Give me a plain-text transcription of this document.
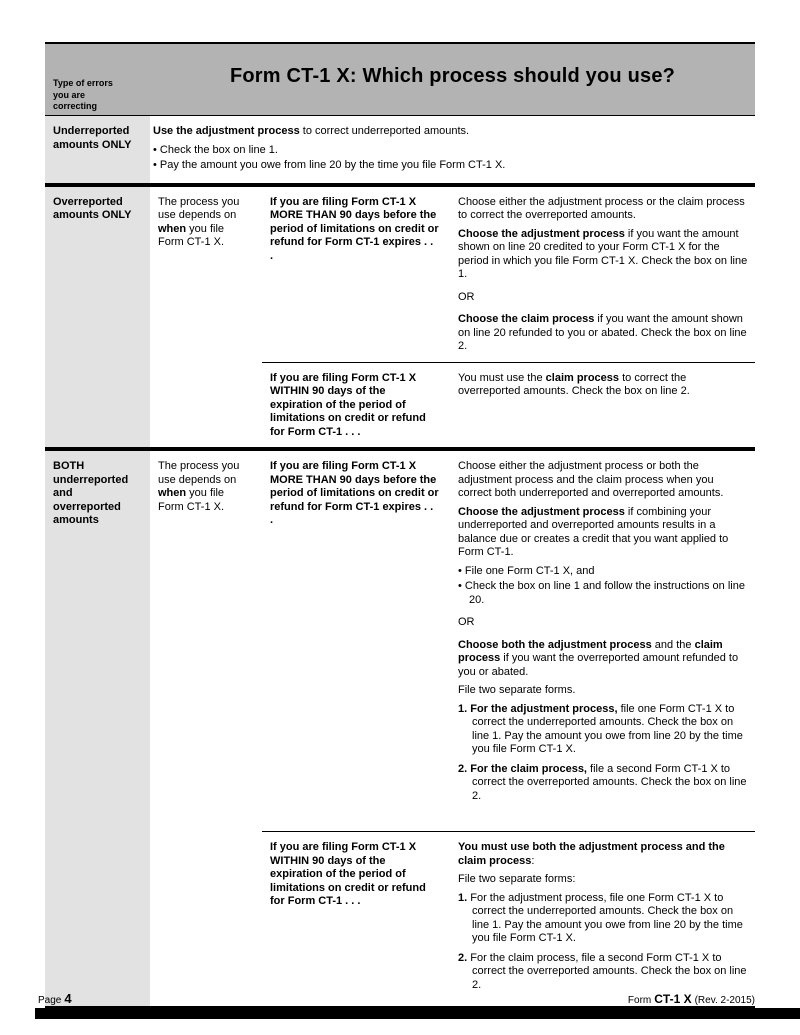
Type of errors you are correcting
Form CT-1 X: Which process should you use?
Underreported amounts ONLY
Use the adjustment process to correct underreported amounts.
• Check the box on line 1.
• Pay the amount you owe from line 20 by the time you file Form CT-1 X.
Overreported amounts ONLY
The process you use depends on when you file Form CT-1 X.
If you are filing Form CT-1 X MORE THAN 90 days before the period of limitations on credit or refund for Form CT-1 expires . . .
Choose either the adjustment process or the claim process to correct the overreported amounts.
Choose the adjustment process if you want the amount shown on line 20 credited to your Form CT-1 X for the period in which you file Form CT-1 X. Check the box on line 1.
OR
Choose the claim process if you want the amount shown on line 20 refunded to you or abated. Check the box on line 2.
If you are filing Form CT-1 X WITHIN 90 days of the expiration of the period of limitations on credit or refund for Form CT-1 . . .
You must use the claim process to correct the overreported amounts. Check the box on line 2.
BOTH underreported and overreported amounts
The process you use depends on when you file Form CT-1 X.
If you are filing Form CT-1 X MORE THAN 90 days before the period of limitations on credit or refund for Form CT-1 expires . . .
Choose either the adjustment process or both the adjustment process and the claim process when you correct both underreported and overreported amounts.
Choose the adjustment process if combining your underreported and overreported amounts results in a balance due or creates a credit that you want applied to Form CT-1.
• File one Form CT-1 X, and
• Check the box on line 1 and follow the instructions on line 20.
OR
Choose both the adjustment process and the claim process if you want the overreported amount refunded to you or abated.
File two separate forms.
1. For the adjustment process, file one Form CT-1 X to correct the underreported amounts. Check the box on line 1. Pay the amount you owe from line 20 by the time you file Form CT-1 X.
2. For the claim process, file a second Form CT-1 X to correct the overreported amounts. Check the box on line 2.
If you are filing Form CT-1 X WITHIN 90 days of the expiration of the period of limitations on credit or refund for Form CT-1 . . .
You must use both the adjustment process and the claim process:
File two separate forms:
1. For the adjustment process, file one Form CT-1 X to correct the underreported amounts. Check the box on line 1. Pay the amount you owe from line 20 by the time you file Form CT-1 X.
2. For the claim process, file a second Form CT-1 X to correct the overreported amounts. Check the box on line 2.
Page 4	Form CT-1 X (Rev. 2-2015)
